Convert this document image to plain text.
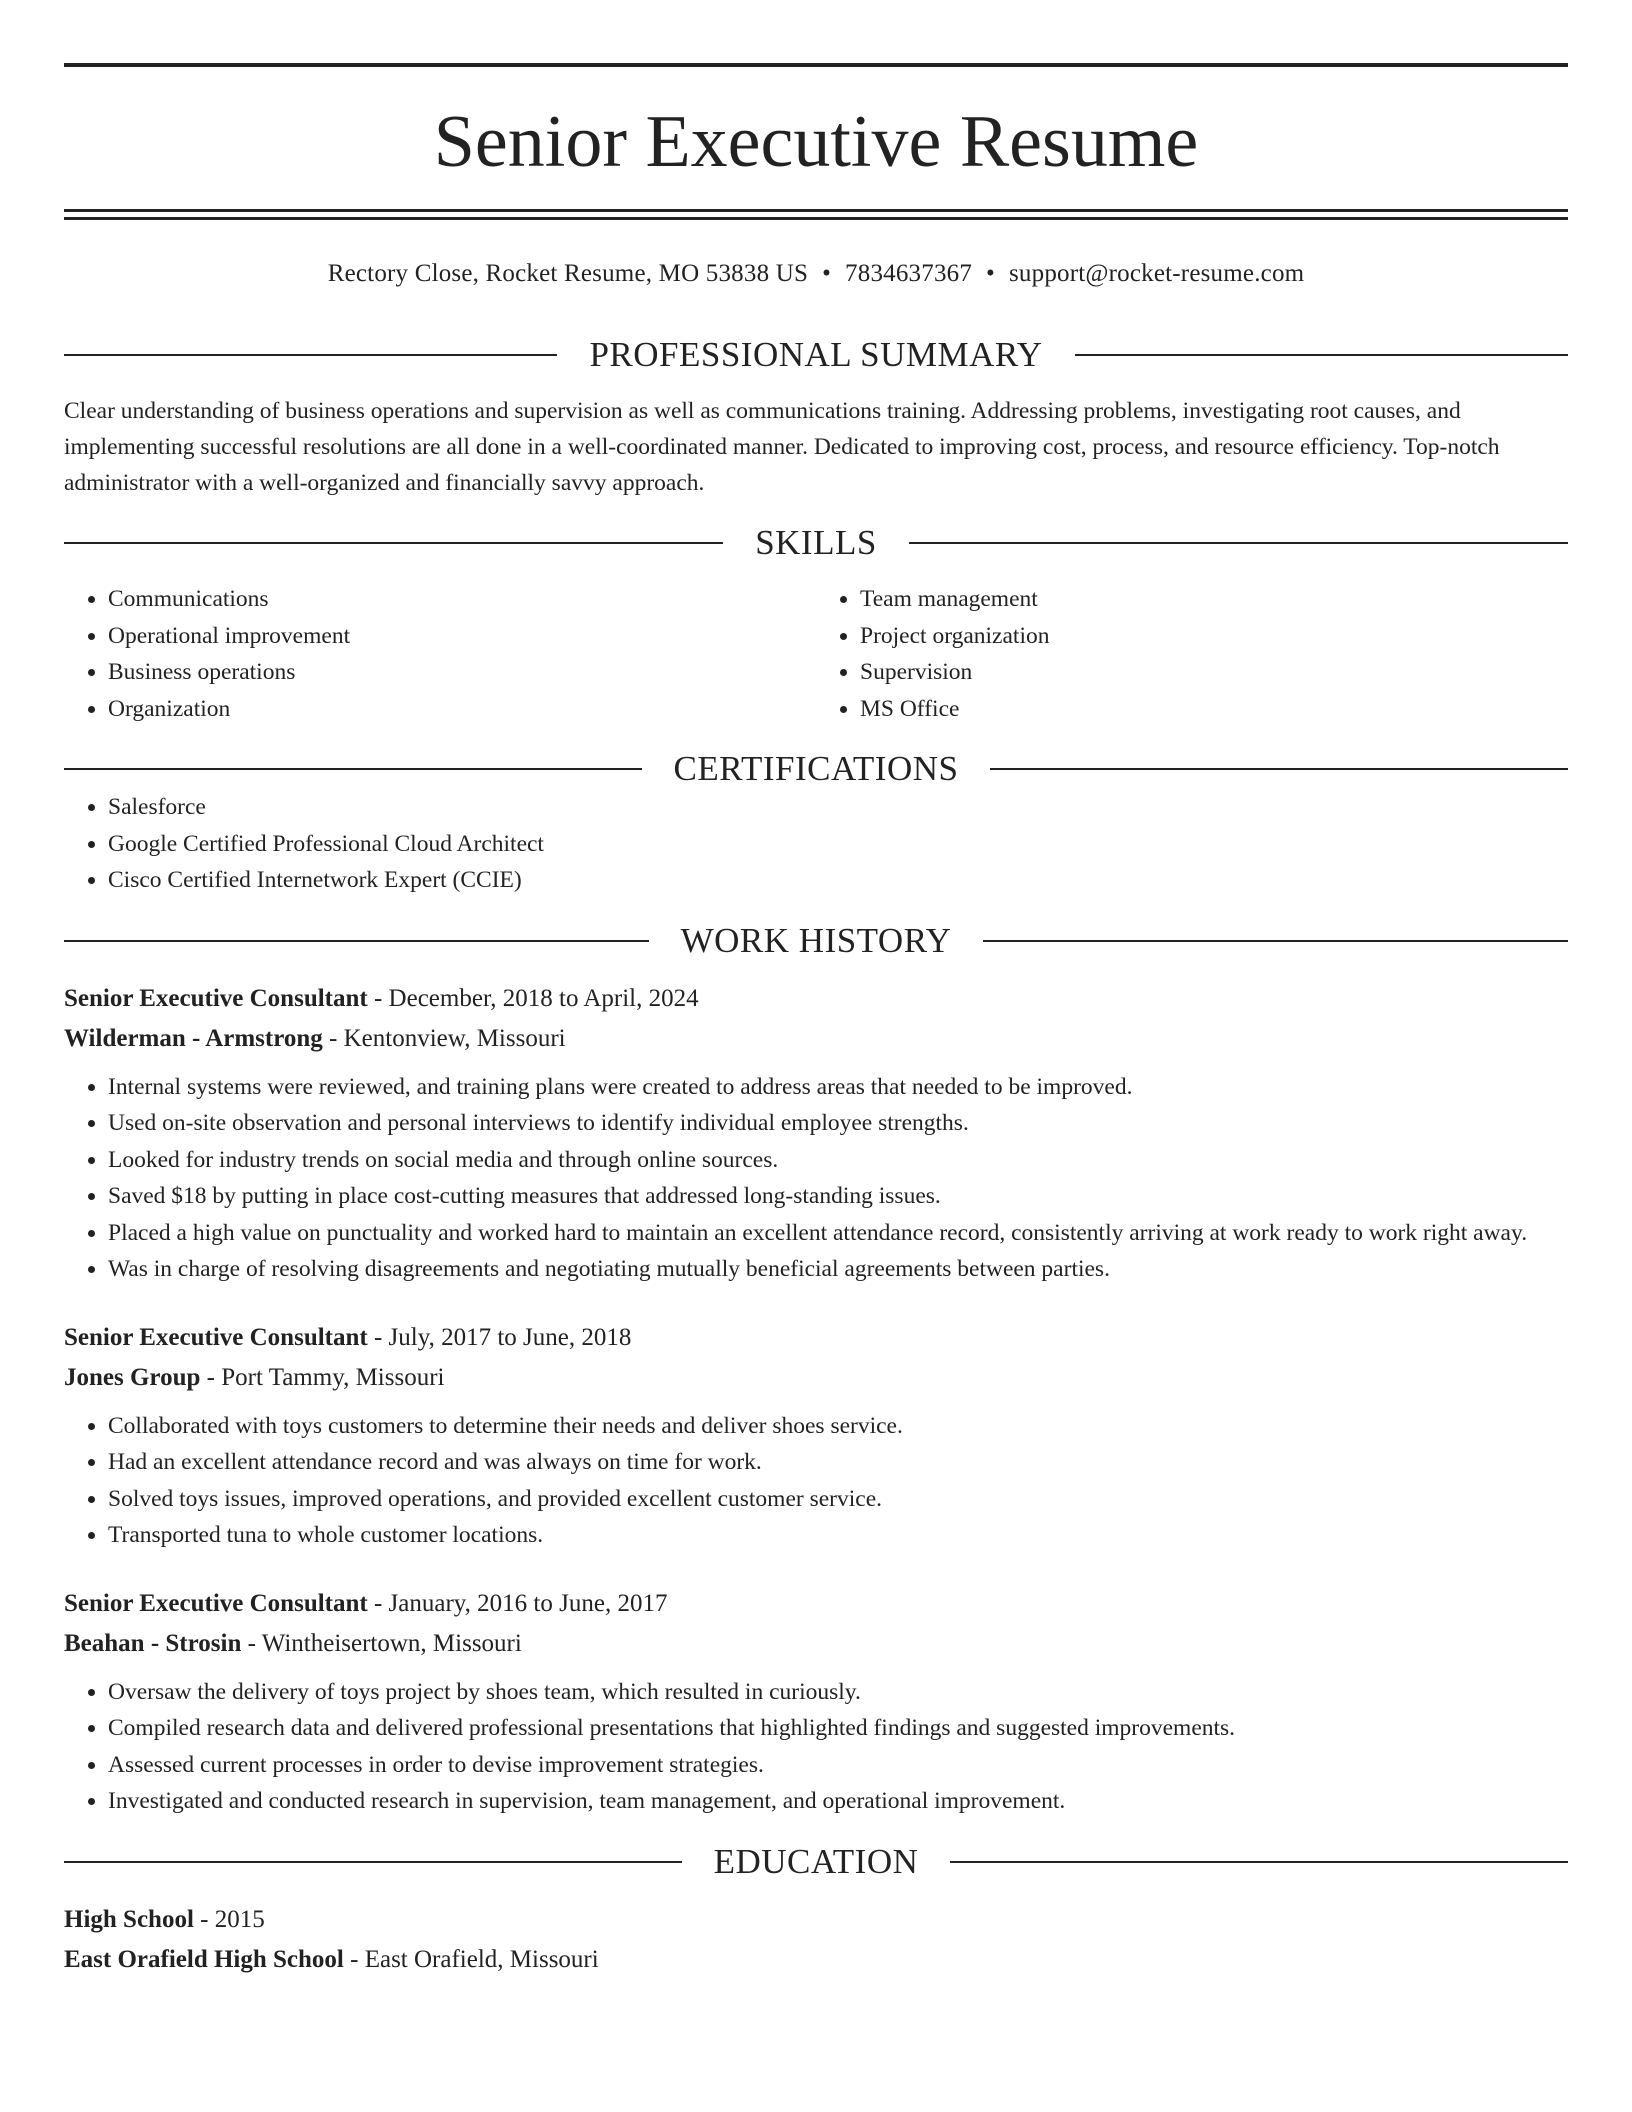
Senior Executive Resume
Rectory Close, Rocket Resume, MO 53838 US • 7834637367 • support@rocket-resume.com
PROFESSIONAL SUMMARY

Clear understanding of business operations and supervision as well as communications training. Addressing problems, investigating root causes, and implementing successful resolutions are all done in a well-coordinated manner. Dedicated to improving cost, process, and resource efficiency. Top-notch administrator with a well-organized and financially savvy approach.

SKILLS
• Communications
• Operational improvement
• Business operations
• Organization
• Team management
• Project organization
• Supervision
• MS Office
CERTIFICATIONS
• Salesforce
• Google Certified Professional Cloud Architect
• Cisco Certified Internetwork Expert (CCIE)
WORK HISTORY
Senior Executive Consultant - December, 2018 to April, 2024
Wilderman - Armstrong - Kentonview, Missouri
• Internal systems were reviewed, and training plans were created to address areas that needed to be improved.
• Used on-site observation and personal interviews to identify individual employee strengths.
• Looked for industry trends on social media and through online sources.
• Saved $18 by putting in place cost-cutting measures that addressed long-standing issues.
• Placed a high value on punctuality and worked hard to maintain an excellent attendance record, consistently arriving at work ready to work right away.
• Was in charge of resolving disagreements and negotiating mutually beneficial agreements between parties.
Senior Executive Consultant - July, 2017 to June, 2018
Jones Group - Port Tammy, Missouri
• Collaborated with toys customers to determine their needs and deliver shoes service.
• Had an excellent attendance record and was always on time for work.
• Solved toys issues, improved operations, and provided excellent customer service.
• Transported tuna to whole customer locations.
Senior Executive Consultant - January, 2016 to June, 2017
Beahan - Strosin - Wintheisertown, Missouri
• Oversaw the delivery of toys project by shoes team, which resulted in curiously.
• Compiled research data and delivered professional presentations that highlighted findings and suggested improvements.
• Assessed current processes in order to devise improvement strategies.
• Investigated and conducted research in supervision, team management, and operational improvement.
EDUCATION
High School - 2015
East Orafield High School - East Orafield, Missouri
